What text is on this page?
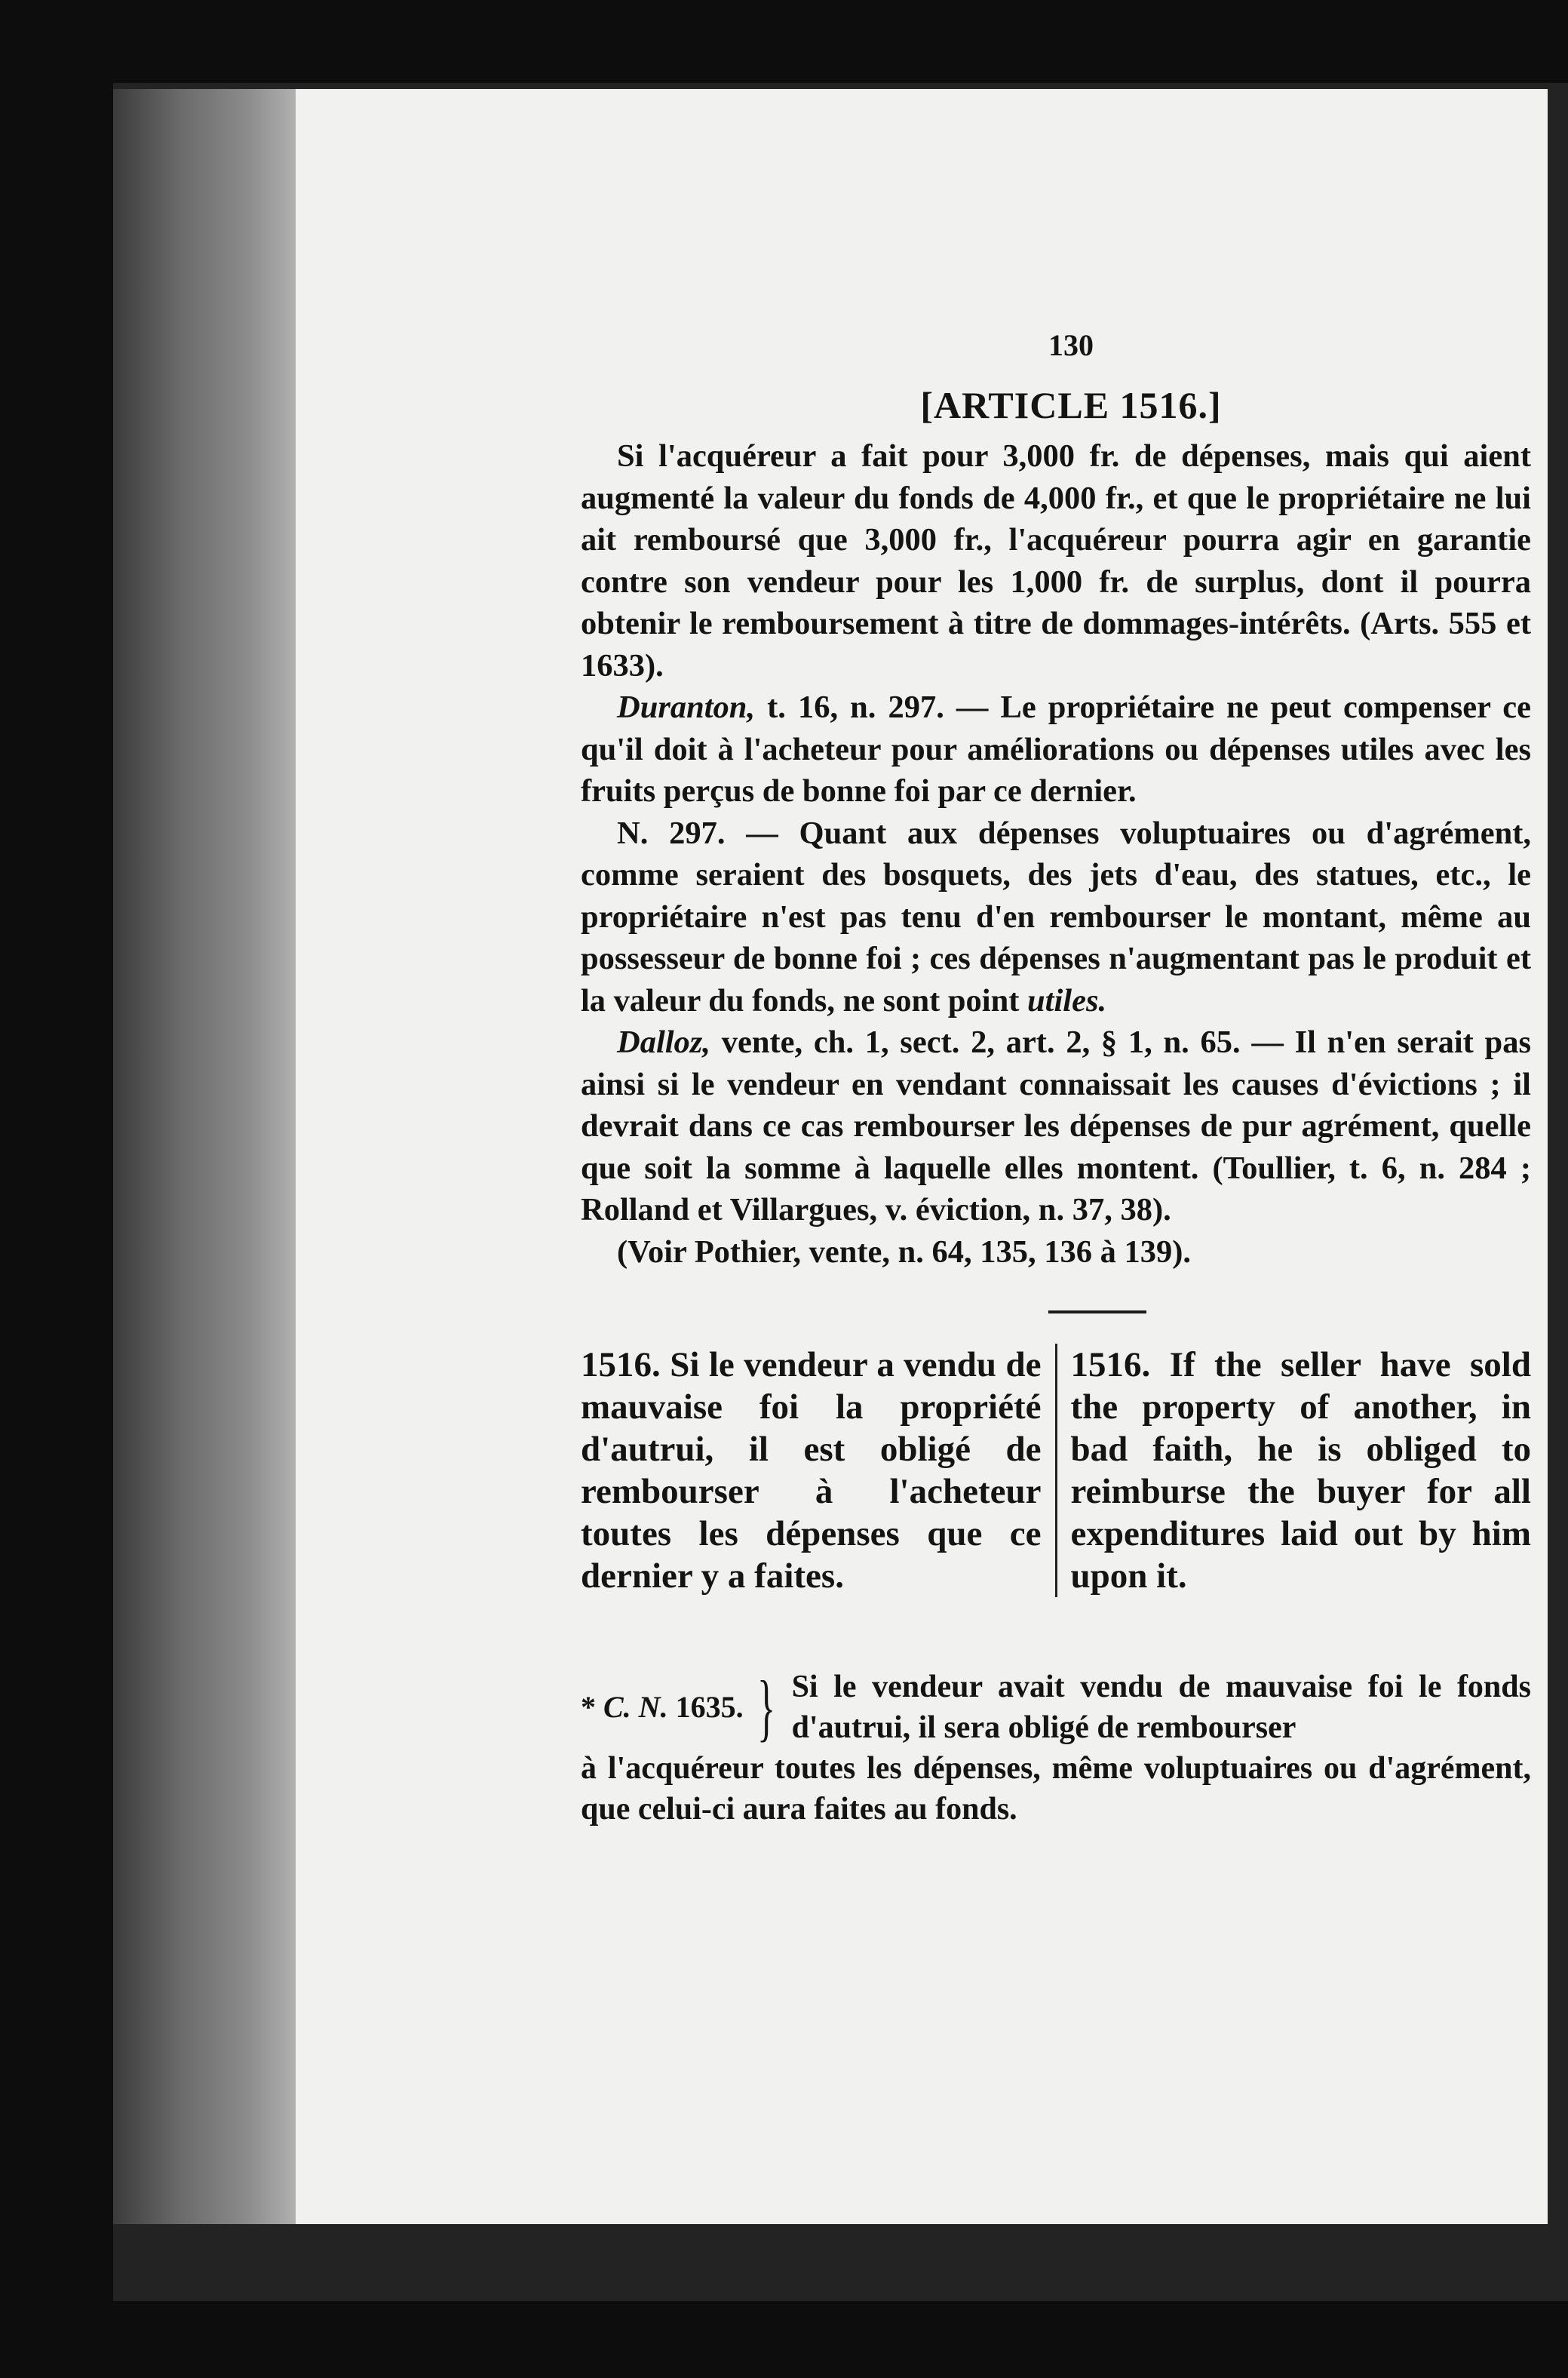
130
[ARTICLE 1516.]

Si l'acquéreur a fait pour 3,000 fr. de dépenses, mais qui aient augmenté la valeur du fonds de 4,000 fr., et que le propriétaire ne lui ait remboursé que 3,000 fr., l'acquéreur pourra agir en garantie contre son vendeur pour les 1,000 fr. de surplus, dont il pourra obtenir le remboursement à titre de dommages-intérêts. (Arts. 555 et 1633).

Duranton, t. 16, n. 297. — Le propriétaire ne peut compenser ce qu'il doit à l'acheteur pour améliorations ou dépenses utiles avec les fruits perçus de bonne foi par ce dernier.

N. 297. — Quant aux dépenses voluptuaires ou d'agrément, comme seraient des bosquets, des jets d'eau, des statues, etc., le propriétaire n'est pas tenu d'en rembourser le montant, même au possesseur de bonne foi ; ces dépenses n'augmentant pas le produit et la valeur du fonds, ne sont point utiles.

Dalloz, vente, ch. 1, sect. 2, art. 2, § 1, n. 65. — Il n'en serait pas ainsi si le vendeur en vendant connaissait les causes d'évictions ; il devrait dans ce cas rembourser les dépenses de pur agrément, quelle que soit la somme à laquelle elles montent. (Toullier, t. 6, n. 284 ; Rolland et Villargues, v. éviction, n. 37, 38).

(Voir Pothier, vente, n. 64, 135, 136 à 139).

1516. Si le vendeur a vendu de mauvaise foi la propriété d'autrui, il est obligé de rembourser à l'acheteur toutes les dépenses que ce dernier y a faites.
1516. If the seller have sold the property of another, in bad faith, he is obliged to reimburse the buyer for all expenditures laid out by him upon it.
* C. N. 1635. } Si le vendeur avait vendu de mauvaise foi le fonds d'autrui, il sera obligé de rembourser
à l'acquéreur toutes les dépenses, même voluptuaires ou d'agrément, que celui-ci aura faites au fonds.
